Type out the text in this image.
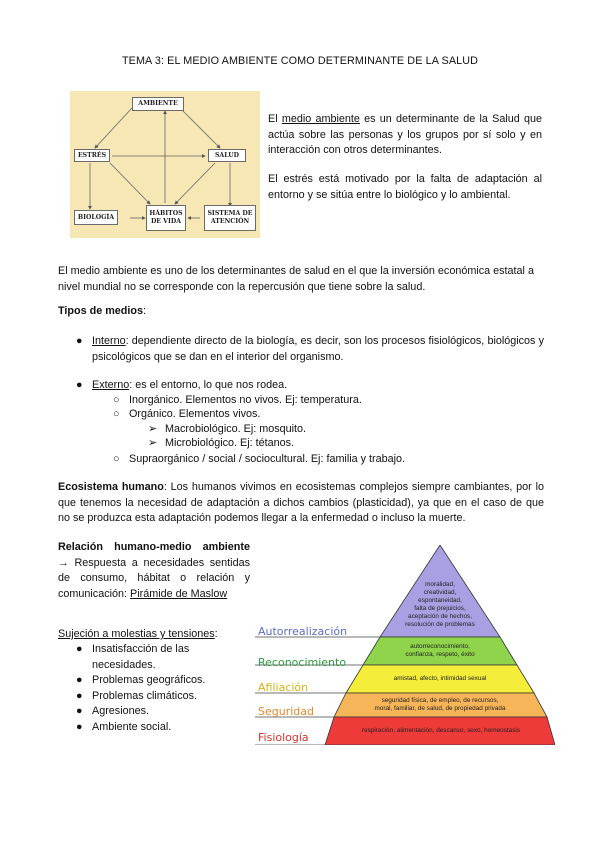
TEMA 3: EL MEDIO AMBIENTE COMO DETERMINANTE DE LA SALUD
AMBIENTE
ESTRÉS	SALUD
BIOLOGÍA
HÁBITOS DE VIDA
SISTEMA DE ATENCIÓN
El medio ambiente es un determinante de la Salud que actúa sobre las personas y los grupos por sí solo y en interacción con otros determinantes.
El estrés está motivado por la falta de adaptación al entorno y se sitúa entre lo biológico y lo ambiental.
El medio ambiente es uno de los determinantes de salud en el que la inversión económica estatal a nivel mundial no se corresponde con la repercusión que tiene sobre la salud.
Tipos de medios:
● Interno: dependiente directo de la biología, es decir, son los procesos fisiológicos, biológicos y psicológicos que se dan en el interior del organismo.
● Externo: es el entorno, lo que nos rodea.
○ Inorgánico. Elementos no vivos. Ej: temperatura.
○ Orgánico. Elementos vivos.
➢ Macrobiológico. Ej: mosquito.
➢ Microbiológico. Ej: tétanos.
○ Supraorgánico / social / sociocultural. Ej: familia y trabajo.
Ecosistema humano: Los humanos vivimos en ecosistemas complejos siempre cambiantes, por lo que tenemos la necesidad de adaptación a dichos cambios (plasticidad), ya que en el caso de que no se produzca esta adaptación podemos llegar a la enfermedad o incluso la muerte.
Relación humano-medio ambiente
→ Respuesta a necesidades sentidas de consumo, hábitat o relación y comunicación: Pirámide de Maslow
Sujeción a molestias y tensiones:
● Insatisfacción de las necesidades.
● Problemas geográficos.
● Problemas climáticos.
● Agresiones.
● Ambiente social.
Autorrealización
Reconocimiento
Afiliación
Seguridad
Fisiología
moralidad,
creatividad,
espontaneidad,
falta de prejuicios,
aceptación de hechos,
resolución de problemas
autorreconocimiento,
confianza, respeto, éxito
amistad, afecto, intimidad sexual
seguridad física, de empleo, de recursos,
moral, familiar, de salud, de propiedad privada
respiración, alimentación, descanso, sexo, homeostasis
